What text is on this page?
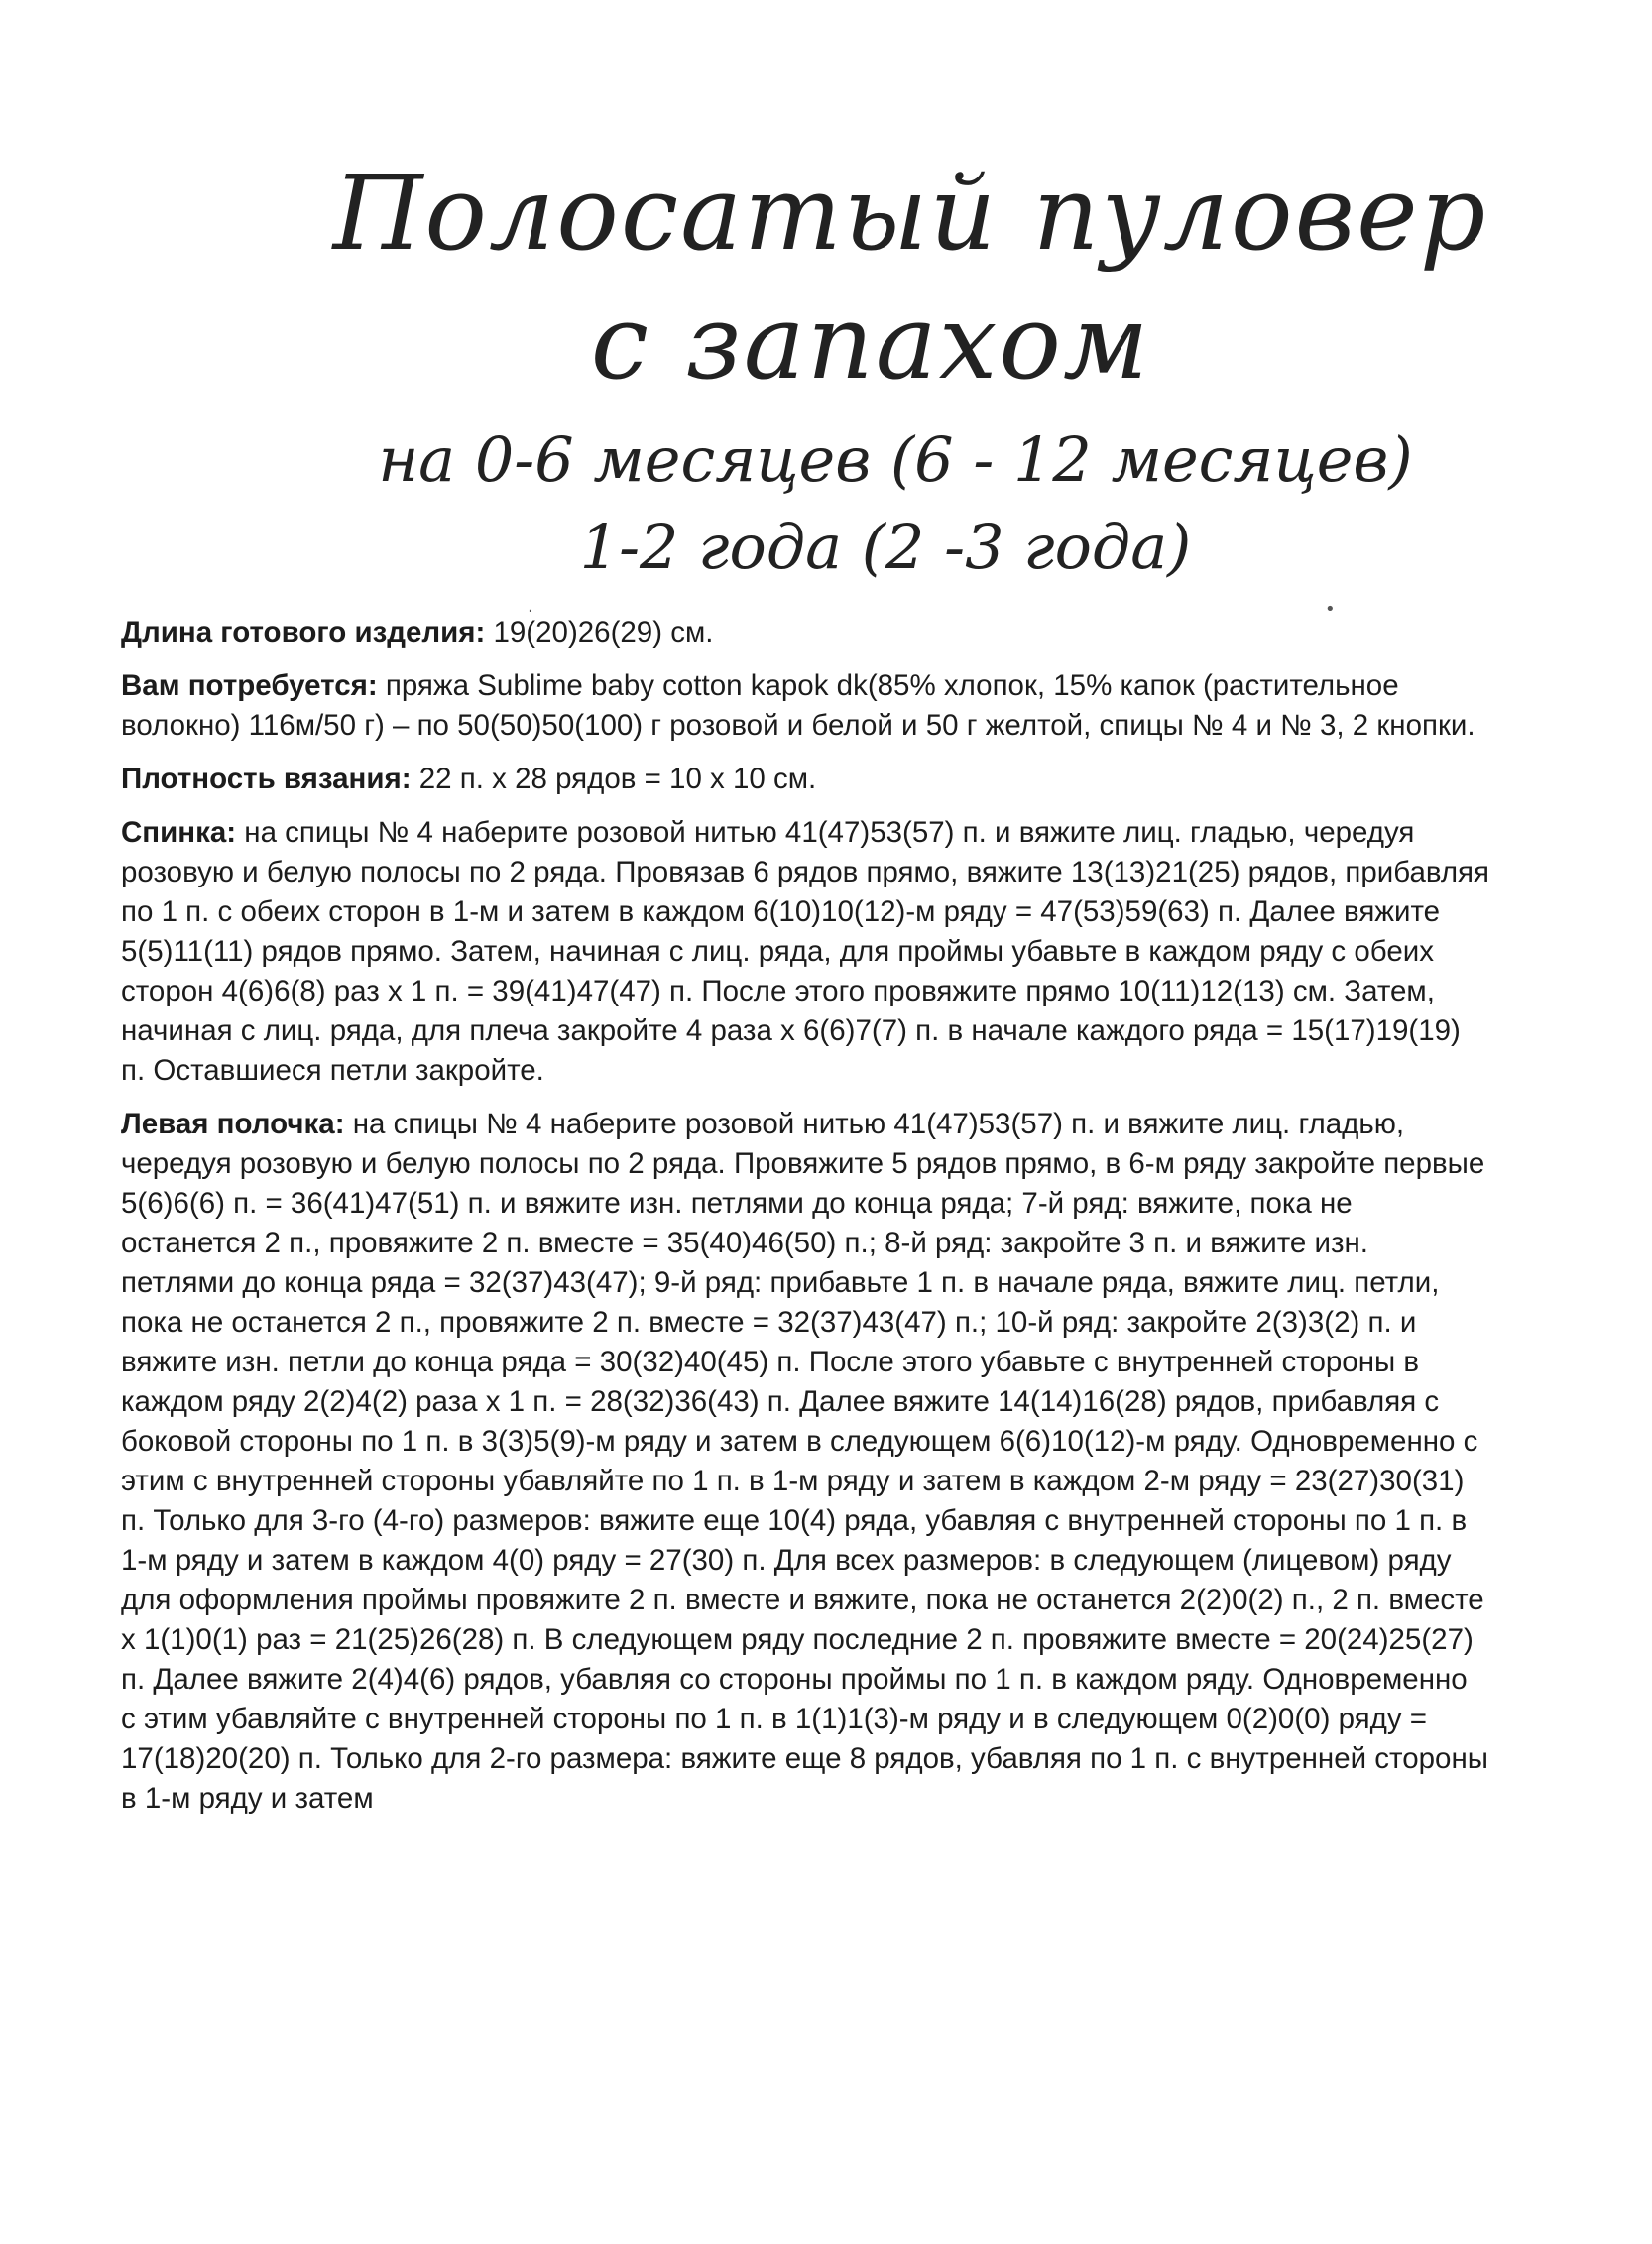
Полосатый пуловер
с запахом
на 0-6 месяцев (6 - 12 месяцев)
1-2 года (2 -3 года)

Длина готового изделия: 19(20)26(29) см.

Вам потребуется: пряжа Sublime baby cotton kapok dk(85% хлопок, 15% капок (растительное волокно) 116м/50 г) – по 50(50)50(100) г розовой и белой и 50 г желтой, спицы № 4 и № 3, 2 кнопки.

Плотность вязания: 22 п. х 28 рядов = 10 х 10 см.

Спинка: на спицы № 4 наберите розовой нитью 41(47)53(57) п. и вяжите лиц. гладью, чередуя розовую и белую полосы по 2 ряда. Провязав 6 рядов прямо, вяжите 13(13)21(25) рядов, прибавляя по 1 п. с обеих сторон в 1-м и затем в каждом 6(10)10(12)-м ряду = 47(53)59(63) п. Далее вяжите 5(5)11(11) рядов прямо. Затем, начиная с лиц. ряда, для проймы убавьте в каждом ряду с обеих сторон 4(6)6(8) раз х 1 п. = 39(41)47(47) п. После этого провяжите прямо 10(11)12(13) см. Затем, начиная с лиц. ряда, для плеча закройте 4 раза х 6(6)7(7) п. в начале каждого ряда = 15(17)19(19) п. Оставшиеся петли закройте.

Левая полочка: на спицы № 4 наберите розовой нитью 41(47)53(57) п. и вяжите лиц. гладью, чередуя розовую и белую полосы по 2 ряда. Провяжите 5 рядов прямо, в 6-м ряду закройте первые 5(6)6(6) п. = 36(41)47(51) п. и вяжите изн. петлями до конца ряда; 7-й ряд: вяжите, пока не останется 2 п., провяжите 2 п. вместе = 35(40)46(50) п.; 8-й ряд: закройте 3 п. и вяжите изн. петлями до конца ряда = 32(37)43(47); 9-й ряд: прибавьте 1 п. в начале ряда, вяжите лиц. петли, пока не останется 2 п., провяжите 2 п. вместе = 32(37)43(47) п.; 10-й ряд: закройте 2(3)3(2) п. и вяжите изн. петли до конца ряда = 30(32)40(45) п. После этого убавьте с внутренней стороны в каждом ряду 2(2)4(2) раза х 1 п. = 28(32)36(43) п. Далее вяжите 14(14)16(28) рядов, прибавляя с боковой стороны по 1 п. в 3(3)5(9)-м ряду и затем в следующем 6(6)10(12)-м ряду. Одновременно с этим с внутренней стороны убавляйте по 1 п. в 1-м ряду и затем в каждом 2-м ряду = 23(27)30(31) п. Только для 3-го (4-го) размеров: вяжите еще 10(4) ряда, убавляя с внутренней стороны по 1 п. в 1-м ряду и затем в каждом 4(0) ряду = 27(30) п. Для всех размеров: в следующем (лицевом) ряду для оформления проймы провяжите 2 п. вместе и вяжите, пока не останется 2(2)0(2) п., 2 п. вместе х 1(1)0(1) раз = 21(25)26(28) п. В следующем ряду последние 2 п. провяжите вместе = 20(24)25(27) п. Далее вяжите 2(4)4(6) рядов, убавляя со стороны проймы по 1 п. в каждом ряду. Одновременно с этим убавляйте с внутренней стороны по 1 п. в 1(1)1(3)-м ряду и в следующем 0(2)0(0) ряду = 17(18)20(20) п. Только для 2-го размера: вяжите еще 8 рядов, убавляя по 1 п. с внутренней стороны в 1-м ряду и затем

•
·
